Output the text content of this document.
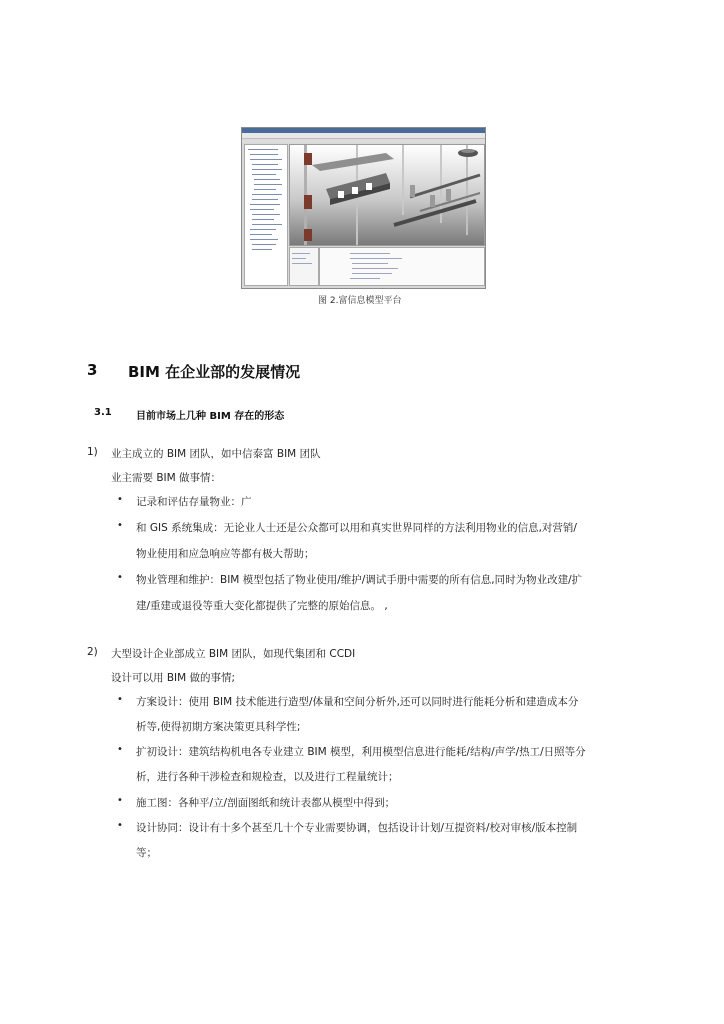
图 2.富信息模型平台

3 BIM 在企业部的发展情况

3.1 目前市场上几种 BIM 存在的形态

1) 业主成立的 BIM 团队，如中信泰富 BIM 团队

业主需要 BIM 做事情：

• 记录和评估存量物业：广

• 和 GIS 系统集成：无论业人士还是公众都可以用和真实世界同样的方法利用物业的信息,对营销/

物业使用和应急响应等都有极大帮助；

• 物业管理和维护：BIM 模型包括了物业使用/维护/调试手册中需要的所有信息,同时为物业改建/扩

建/重建或退役等重大变化都提供了完整的原始信息。 ,

2) 大型设计企业部成立 BIM 团队，如现代集团和 CCDI

设计可以用 BIM 做的事情;

• 方案设计：使用 BIM 技术能进行造型/体量和空间分析外,还可以同时进行能耗分析和建造成本分

析等,使得初期方案决策更具科学性;

• 扩初设计：建筑结构机电各专业建立 BIM 模型，利用模型信息进行能耗/结构/声学/热工/日照等分

析，进行各种干涉检查和规检查，以及进行工程量统计；

• 施工图：各种平/立/剖面图纸和统计表都从模型中得到；

• 设计协同：设计有十多个甚至几十个专业需要协调，包括设计计划/互提资料/校对审核/版本控制

等；
